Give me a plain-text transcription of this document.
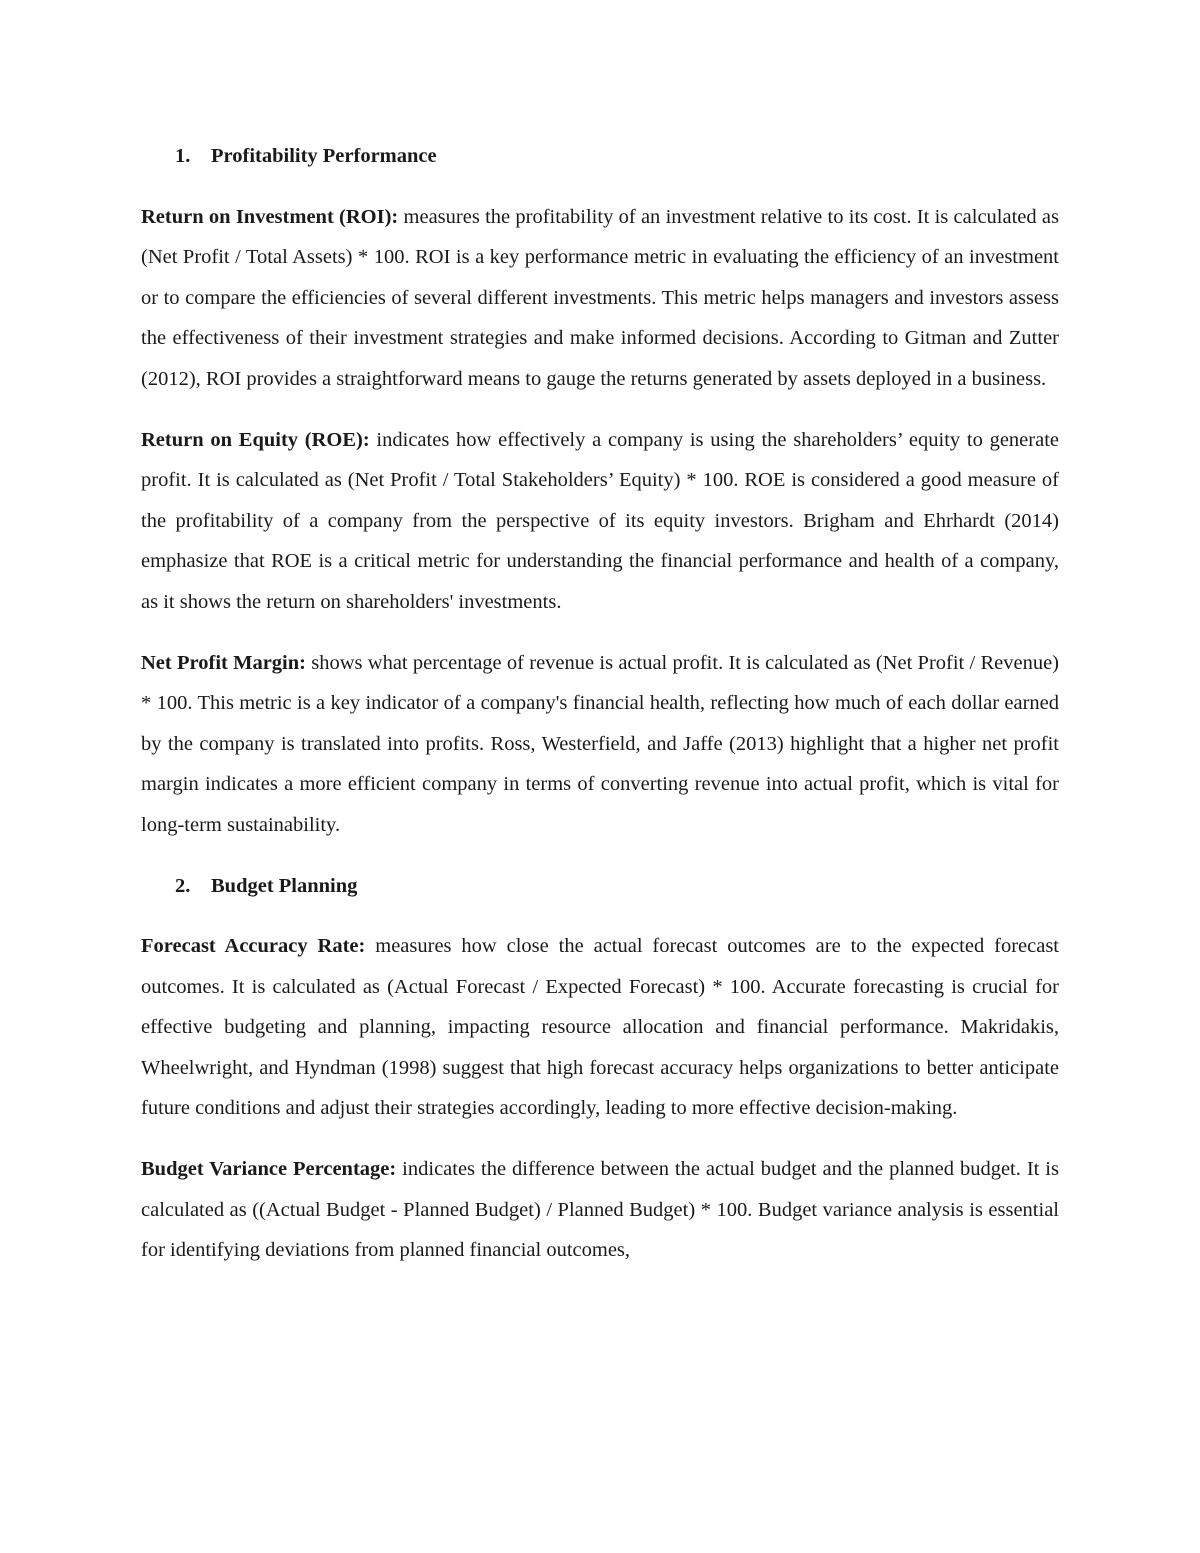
1. Profitability Performance

Return on Investment (ROI): measures the profitability of an investment relative to its cost. It is calculated as (Net Profit / Total Assets) * 100. ROI is a key performance metric in evaluating the efficiency of an investment or to compare the efficiencies of several different investments. This metric helps managers and investors assess the effectiveness of their investment strategies and make informed decisions. According to Gitman and Zutter (2012), ROI provides a straightforward means to gauge the returns generated by assets deployed in a business.

Return on Equity (ROE): indicates how effectively a company is using the shareholders’ equity to generate profit. It is calculated as (Net Profit / Total Stakeholders’ Equity) * 100. ROE is considered a good measure of the profitability of a company from the perspective of its equity investors. Brigham and Ehrhardt (2014) emphasize that ROE is a critical metric for understanding the financial performance and health of a company, as it shows the return on shareholders' investments.

Net Profit Margin: shows what percentage of revenue is actual profit. It is calculated as (Net Profit / Revenue) * 100. This metric is a key indicator of a company's financial health, reflecting how much of each dollar earned by the company is translated into profits. Ross, Westerfield, and Jaffe (2013) highlight that a higher net profit margin indicates a more efficient company in terms of converting revenue into actual profit, which is vital for long-term sustainability.

2. Budget Planning

Forecast Accuracy Rate: measures how close the actual forecast outcomes are to the expected forecast outcomes. It is calculated as (Actual Forecast / Expected Forecast) * 100. Accurate forecasting is crucial for effective budgeting and planning, impacting resource allocation and financial performance. Makridakis, Wheelwright, and Hyndman (1998) suggest that high forecast accuracy helps organizations to better anticipate future conditions and adjust their strategies accordingly, leading to more effective decision-making.

Budget Variance Percentage: indicates the difference between the actual budget and the planned budget. It is calculated as ((Actual Budget - Planned Budget) / Planned Budget) * 100. Budget variance analysis is essential for identifying deviations from planned financial outcomes,
